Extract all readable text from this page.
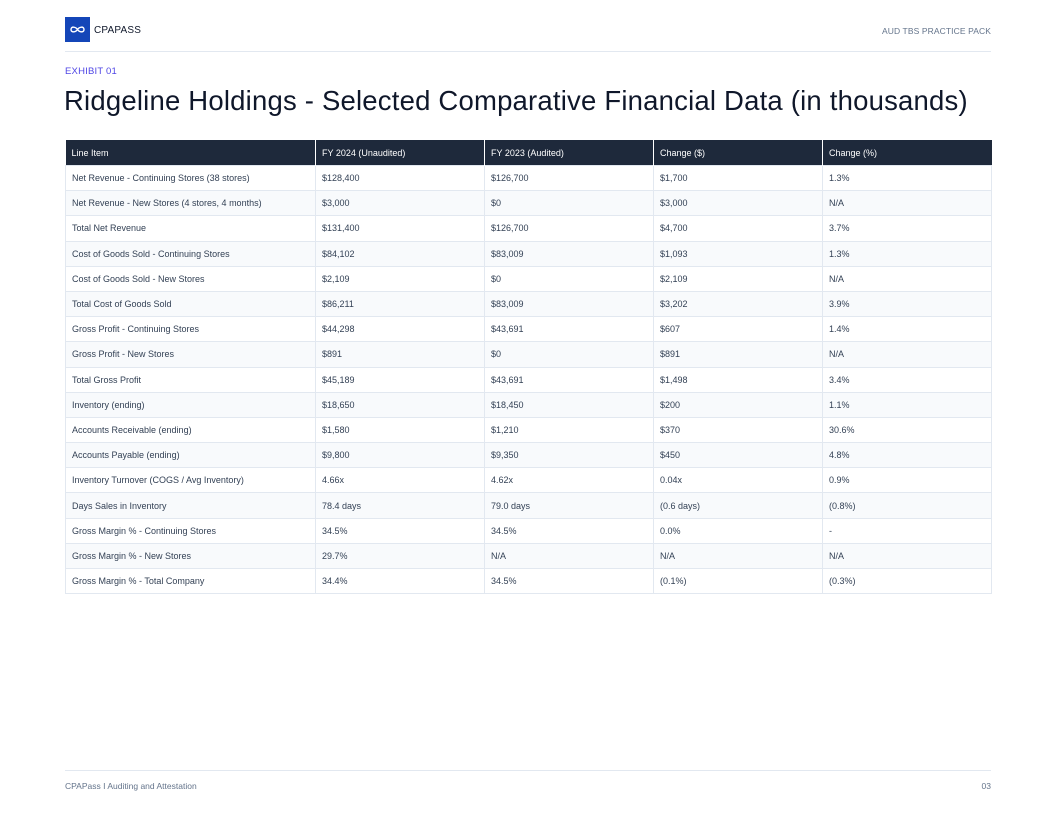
CPAPASS	AUD TBS PRACTICE PACK
EXHIBIT 01
Ridgeline Holdings - Selected Comparative Financial Data (in thousands)
Line Item	FY 2024 (Unaudited)	FY 2023 (Audited)	Change ($)	Change (%)
Net Revenue - Continuing Stores (38 stores)	$128,400	$126,700	$1,700	1.3%
Net Revenue - New Stores (4 stores, 4 months)	$3,000	$0	$3,000	N/A
Total Net Revenue	$131,400	$126,700	$4,700	3.7%
Cost of Goods Sold - Continuing Stores	$84,102	$83,009	$1,093	1.3%
Cost of Goods Sold - New Stores	$2,109	$0	$2,109	N/A
Total Cost of Goods Sold	$86,211	$83,009	$3,202	3.9%
Gross Profit - Continuing Stores	$44,298	$43,691	$607	1.4%
Gross Profit - New Stores	$891	$0	$891	N/A
Total Gross Profit	$45,189	$43,691	$1,498	3.4%
Inventory (ending)	$18,650	$18,450	$200	1.1%
Accounts Receivable (ending)	$1,580	$1,210	$370	30.6%
Accounts Payable (ending)	$9,800	$9,350	$450	4.8%
Inventory Turnover (COGS / Avg Inventory)	4.66x	4.62x	0.04x	0.9%
Days Sales in Inventory	78.4 days	79.0 days	(0.6 days)	(0.8%)
Gross Margin % - Continuing Stores	34.5%	34.5%	0.0%	-
Gross Margin % - New Stores	29.7%	N/A	N/A	N/A
Gross Margin % - Total Company	34.4%	34.5%	(0.1%)	(0.3%)
CPAPass I Auditing and Attestation	03
